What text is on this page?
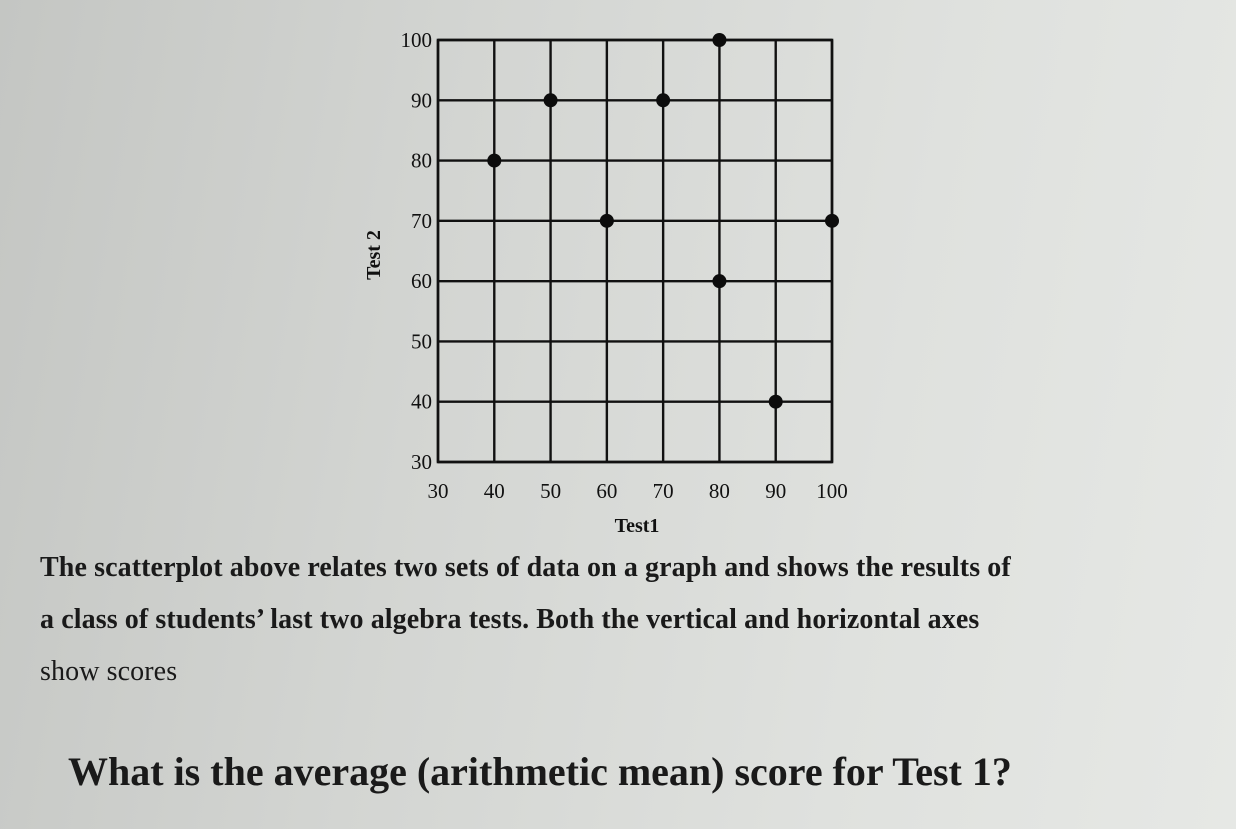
30 40 50 60 70 80 90 100
30
40
50
60
70
80
90
100
Test1
Test 2
The scatterplot above relates two sets of data on a graph and shows the results of
a class of students’ last two algebra tests. Both the vertical and horizontal axes
show scores
What is the average (arithmetic mean) score for Test 1?
